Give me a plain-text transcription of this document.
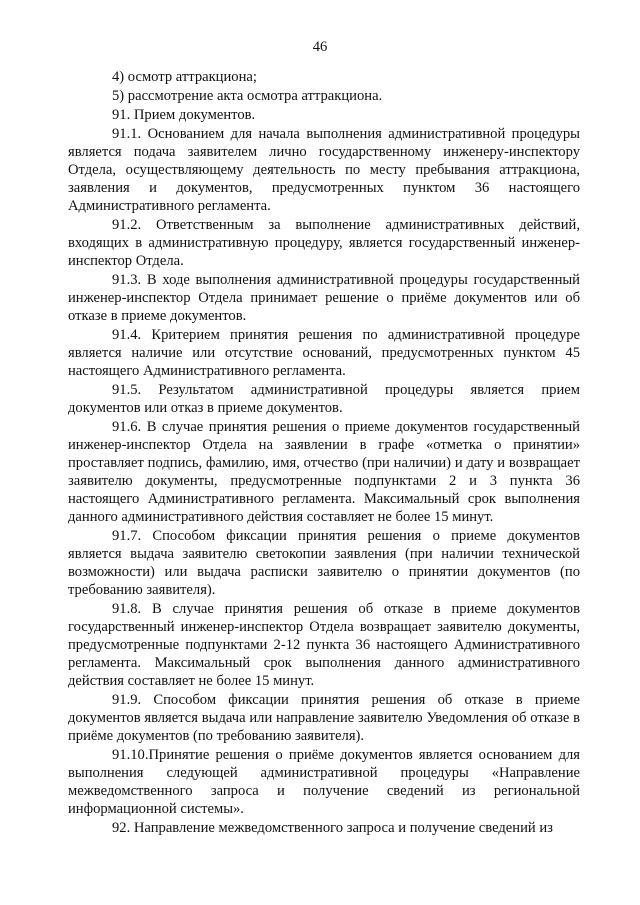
46

4) осмотр аттракциона;

5) рассмотрение акта осмотра аттракциона.

91. Прием документов.

91.1. Основанием для начала выполнения административной процедуры является подача заявителем лично государственному инженеру-инспектору Отдела, осуществляющему деятельность по месту пребывания аттракциона, заявления и документов, предусмотренных пунктом 36 настоящего Административного регламента.

91.2. Ответственным за выполнение административных действий, входящих в административную процедуру, является государственный инженер-инспектор Отдела.

91.3. В ходе выполнения административной процедуры государственный инженер-инспектор Отдела принимает решение о приёме документов или об отказе в приеме документов.

91.4. Критерием принятия решения по административной процедуре является наличие или отсутствие оснований, предусмотренных пунктом 45 настоящего Административного регламента.

91.5. Результатом административной процедуры является прием документов или отказ в приеме документов.

91.6. В случае принятия решения о приеме документов государственный инженер-инспектор Отдела на заявлении в графе «отметка о принятии» проставляет подпись, фамилию, имя, отчество (при наличии) и дату и возвращает заявителю документы, предусмотренные подпунктами 2 и 3 пункта 36 настоящего Административного регламента. Максимальный срок выполнения данного административного действия составляет не более 15 минут.

91.7. Способом фиксации принятия решения о приеме документов является выдача заявителю светокопии заявления (при наличии технической возможности) или выдача расписки заявителю о принятии документов (по требованию заявителя).

91.8. В случае принятия решения об отказе в приеме документов государственный инженер-инспектор Отдела возвращает заявителю документы, предусмотренные подпунктами 2-12 пункта 36 настоящего Административного регламента. Максимальный срок выполнения данного административного действия составляет не более 15 минут.

91.9. Способом фиксации принятия решения об отказе в приеме документов является выдача или направление заявителю Уведомления об отказе в приёме документов (по требованию заявителя).

91.10.Принятие решения о приёме документов является основанием для выполнения следующей административной процедуры «Направление межведомственного запроса и получение сведений из региональной информационной системы».

92. Направление межведомственного запроса и получение сведений из
